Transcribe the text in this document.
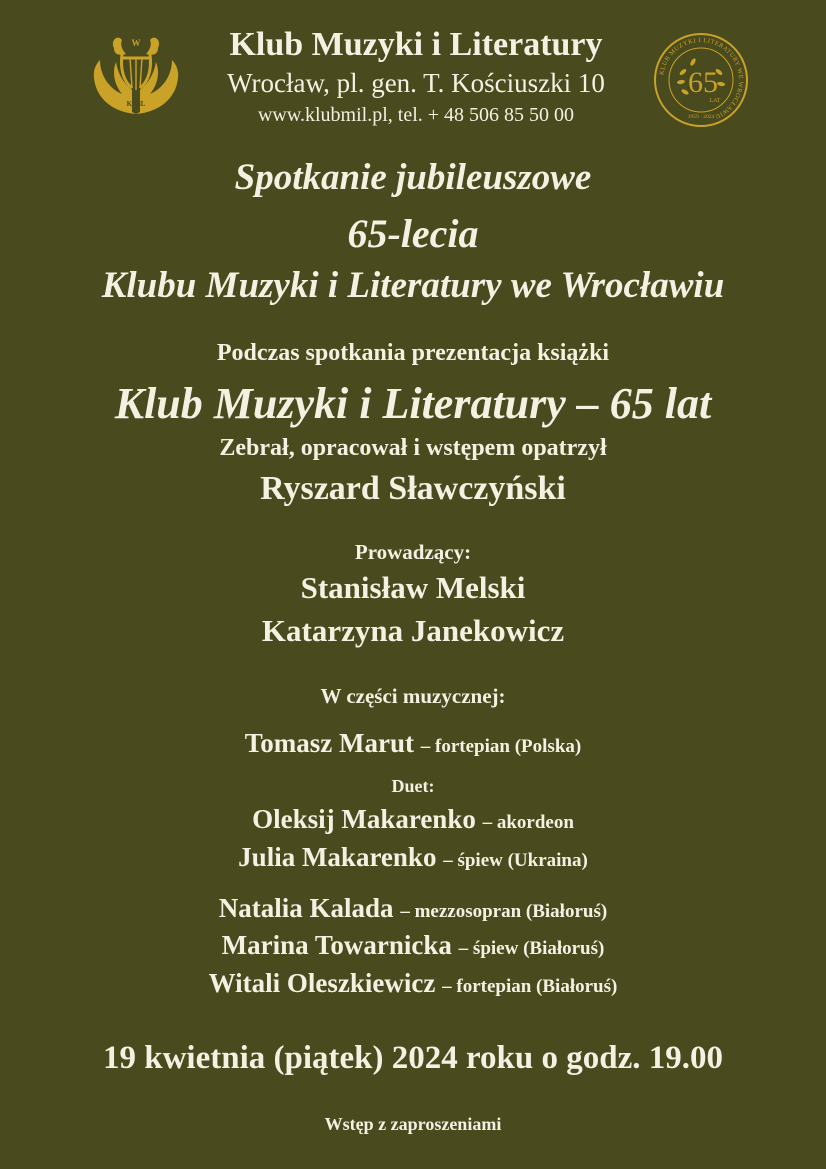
W
KMiL
Klub Muzyki i Literatury
Wrocław, pl. gen. T. Kościuszki 10
www.klubmil.pl, tel. + 48 506 85 50 00
KLUB MUZYKI I LITERATURY WE WROCŁAWIU
65
LAT
1959 · 2024
Spotkanie jubileuszowe
65-lecia
Klubu Muzyki i Literatury we Wrocławiu
Podczas spotkania prezentacja książki
Klub Muzyki i Literatury – 65 lat
Zebrał, opracował i wstępem opatrzył
Ryszard Sławczyński
Prowadzący:
Stanisław Melski
Katarzyna Janekowicz
W części muzycznej:
Tomasz Marut – fortepian (Polska)
Duet:
Oleksij Makarenko – akordeon
Julia Makarenko – śpiew (Ukraina)
Natalia Kalada – mezzosopran (Białoruś)
Marina Towarnicka – śpiew (Białoruś)
Witali Oleszkiewicz – fortepian (Białoruś)
19 kwietnia (piątek) 2024 roku o godz. 19.00
Wstęp z zaproszeniami
